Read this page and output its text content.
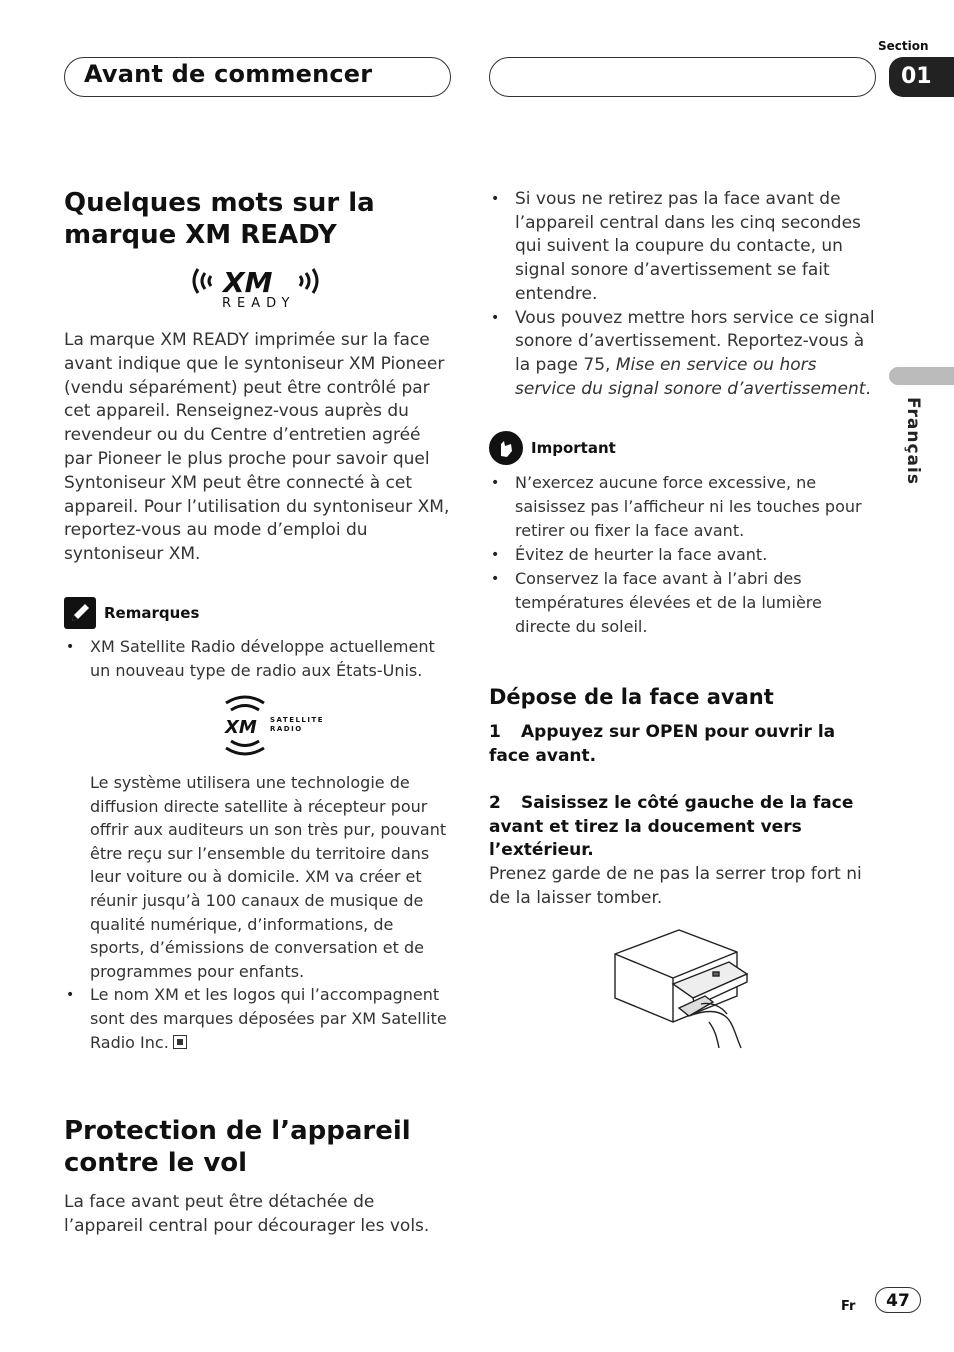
Avant de commencer
Section
01
Français
Quelques mots sur la marque XM READY
XM
READY

La marque XM READY imprimée sur la face avant indique que le syntoniseur XM Pioneer (vendu séparément) peut être contrôlé par cet appareil. Renseignez-vous auprès du revendeur ou du Centre d’entretien agréé par Pioneer le plus proche pour savoir quel Syntoniseur XM peut être connecté à cet appareil. Pour l’utilisation du syntoniseur XM, reportez-vous au mode d’emploi du syntoniseur XM.

Remarques
• XM Satellite Radio développe actuellement un nouveau type de radio aux États-Unis.
XM SATELLITE
RADIO

Le système utilisera une technologie de diffusion directe satellite à récepteur pour offrir aux auditeurs un son très pur, pouvant être reçu sur l’ensemble du territoire dans leur voiture ou à domicile. XM va créer et réunir jusqu’à 100 canaux de musique de qualité numérique, d’informations, de sports, d’émissions de conversation et de programmes pour enfants.

• Le nom XM et les logos qui l’accompagnent sont des marques déposées par XM Satellite Radio Inc.
Protection de l’appareil contre le vol

La face avant peut être détachée de l’appareil central pour décourager les vols.

• Si vous ne retirez pas la face avant de l’appareil central dans les cinq secondes qui suivent la coupure du contacte, un signal sonore d’avertissement se fait entendre.
• Vous pouvez mettre hors service ce signal sonore d’avertissement. Reportez-vous à la page 75, Mise en service ou hors service du signal sonore d’avertissement.
Important
• N’exercez aucune force excessive, ne saisissez pas l’afficheur ni les touches pour retirer ou fixer la face avant.
• Évitez de heurter la face avant.
• Conservez la face avant à l’abri des températures élevées et de la lumière directe du soleil.
Dépose de la face avant
1 Appuyez sur OPEN pour ouvrir la face avant.
2 Saisissez le côté gauche de la face avant et tirez la doucement vers l’extérieur.

Prenez garde de ne pas la serrer trop fort ni de la laisser tomber.

Fr	47
